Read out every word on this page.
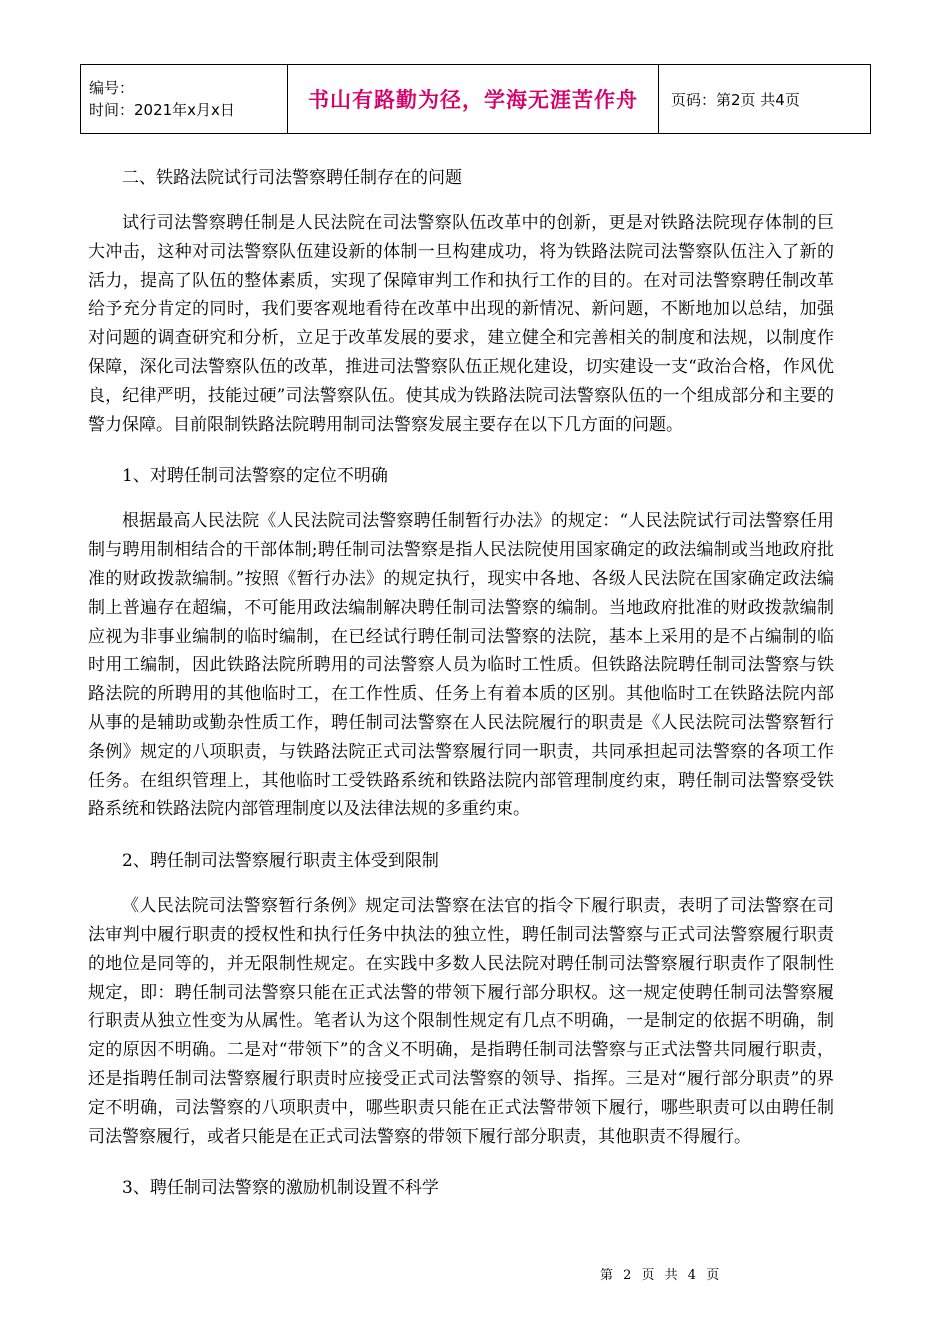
编号：
时间：2021年x月x日	书山有路勤为径，学海无涯苦作舟	页码：第2页 共4页

二、铁路法院试行司法警察聘任制存在的问题

试行司法警察聘任制是人民法院在司法警察队伍改革中的创新，更是对铁路法院现存体制的巨大冲击，这种对司法警察队伍建设新的体制一旦构建成功，将为铁路法院司法警察队伍注入了新的活力，提高了队伍的整体素质，实现了保障审判工作和执行工作的目的。在对司法警察聘任制改革给予充分肯定的同时，我们要客观地看待在改革中出现的新情况、新问题，不断地加以总结，加强对问题的调查研究和分析，立足于改革发展的要求，建立健全和完善相关的制度和法规，以制度作保障，深化司法警察队伍的改革，推进司法警察队伍正规化建设，切实建设一支“政治合格，作风优良，纪律严明，技能过硬”司法警察队伍。使其成为铁路法院司法警察队伍的一个组成部分和主要的警力保障。目前限制铁路法院聘用制司法警察发展主要存在以下几方面的问题。

1、对聘任制司法警察的定位不明确

根据最高人民法院《人民法院司法警察聘任制暂行办法》的规定：“人民法院试行司法警察任用制与聘用制相结合的干部体制;聘任制司法警察是指人民法院使用国家确定的政法编制或当地政府批准的财政拨款编制。”按照《暂行办法》的规定执行，现实中各地、各级人民法院在国家确定政法编制上普遍存在超编，不可能用政法编制解决聘任制司法警察的编制。当地政府批准的财政拨款编制应视为非事业编制的临时编制，在已经试行聘任制司法警察的法院，基本上采用的是不占编制的临时用工编制，因此铁路法院所聘用的司法警察人员为临时工性质。但铁路法院聘任制司法警察与铁路法院的所聘用的其他临时工，在工作性质、任务上有着本质的区别。其他临时工在铁路法院内部从事的是辅助或勤杂性质工作，聘任制司法警察在人民法院履行的职责是《人民法院司法警察暂行条例》规定的八项职责，与铁路法院正式司法警察履行同一职责，共同承担起司法警察的各项工作任务。在组织管理上，其他临时工受铁路系统和铁路法院内部管理制度约束，聘任制司法警察受铁路系统和铁路法院内部管理制度以及法律法规的多重约束。

2、聘任制司法警察履行职责主体受到限制

《人民法院司法警察暂行条例》规定司法警察在法官的指令下履行职责，表明了司法警察在司法审判中履行职责的授权性和执行任务中执法的独立性，聘任制司法警察与正式司法警察履行职责的地位是同等的，并无限制性规定。在实践中多数人民法院对聘任制司法警察履行职责作了限制性规定，即：聘任制司法警察只能在正式法警的带领下履行部分职权。这一规定使聘任制司法警察履行职责从独立性变为从属性。笔者认为这个限制性规定有几点不明确，一是制定的依据不明确，制定的原因不明确。二是对“带领下”的含义不明确，是指聘任制司法警察与正式法警共同履行职责，还是指聘任制司法警察履行职责时应接受正式司法警察的领导、指挥。三是对“履行部分职责”的界定不明确，司法警察的八项职责中，哪些职责只能在正式法警带领下履行，哪些职责可以由聘任制司法警察履行，或者只能是在正式司法警察的带领下履行部分职责，其他职责不得履行。

3、聘任制司法警察的激励机制设置不科学

第 2 页 共 4 页
